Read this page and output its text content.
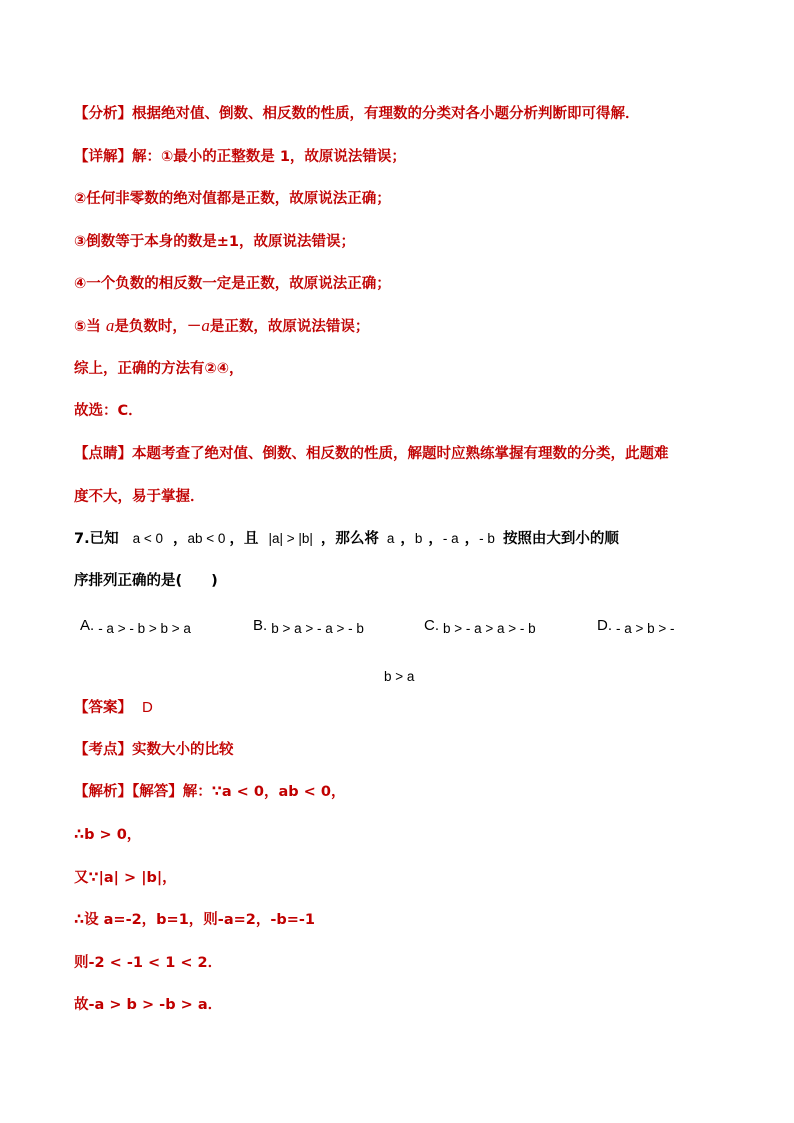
【分析】根据绝对值、倒数、相反数的性质，有理数的分类对各小题分析判断即可得解．
【详解】解：①最小的正整数是 1，故原说法错误；
②任何非零数的绝对值都是正数，故原说法正确；
③倒数等于本身的数是±1，故原说法错误；
④一个负数的相反数一定是正数，故原说法正确；
⑤当 a是负数时，－a是正数，故原说法错误；
综上，正确的方法有②④，
故选：C．
【点睛】本题考查了绝对值、倒数、相反数的性质，解题时应熟练掌握有理数的分类，此题难
度不大，易于掌握．
7.已知 a < 0 ，ab < 0 ，且 |a| > |b| ，那么将 a ，b ，- a ，- b 按照由大到小的顺
序排列正确的是(　　)
A. - a > - b > b > a	B. b > a > - a > - b	C. b > - a > a > - b	D. - a > b > -
b > a
【答案】 D
【考点】实数大小的比较
【解析】【解答】解：∵a < 0，ab < 0，
∴b > 0，
又∵|a| > |b|，
∴设 a=-2，b=1，则-a=2，-b=-1
则-2 < -1 < 1 < 2．
故-a > b > -b > a．
